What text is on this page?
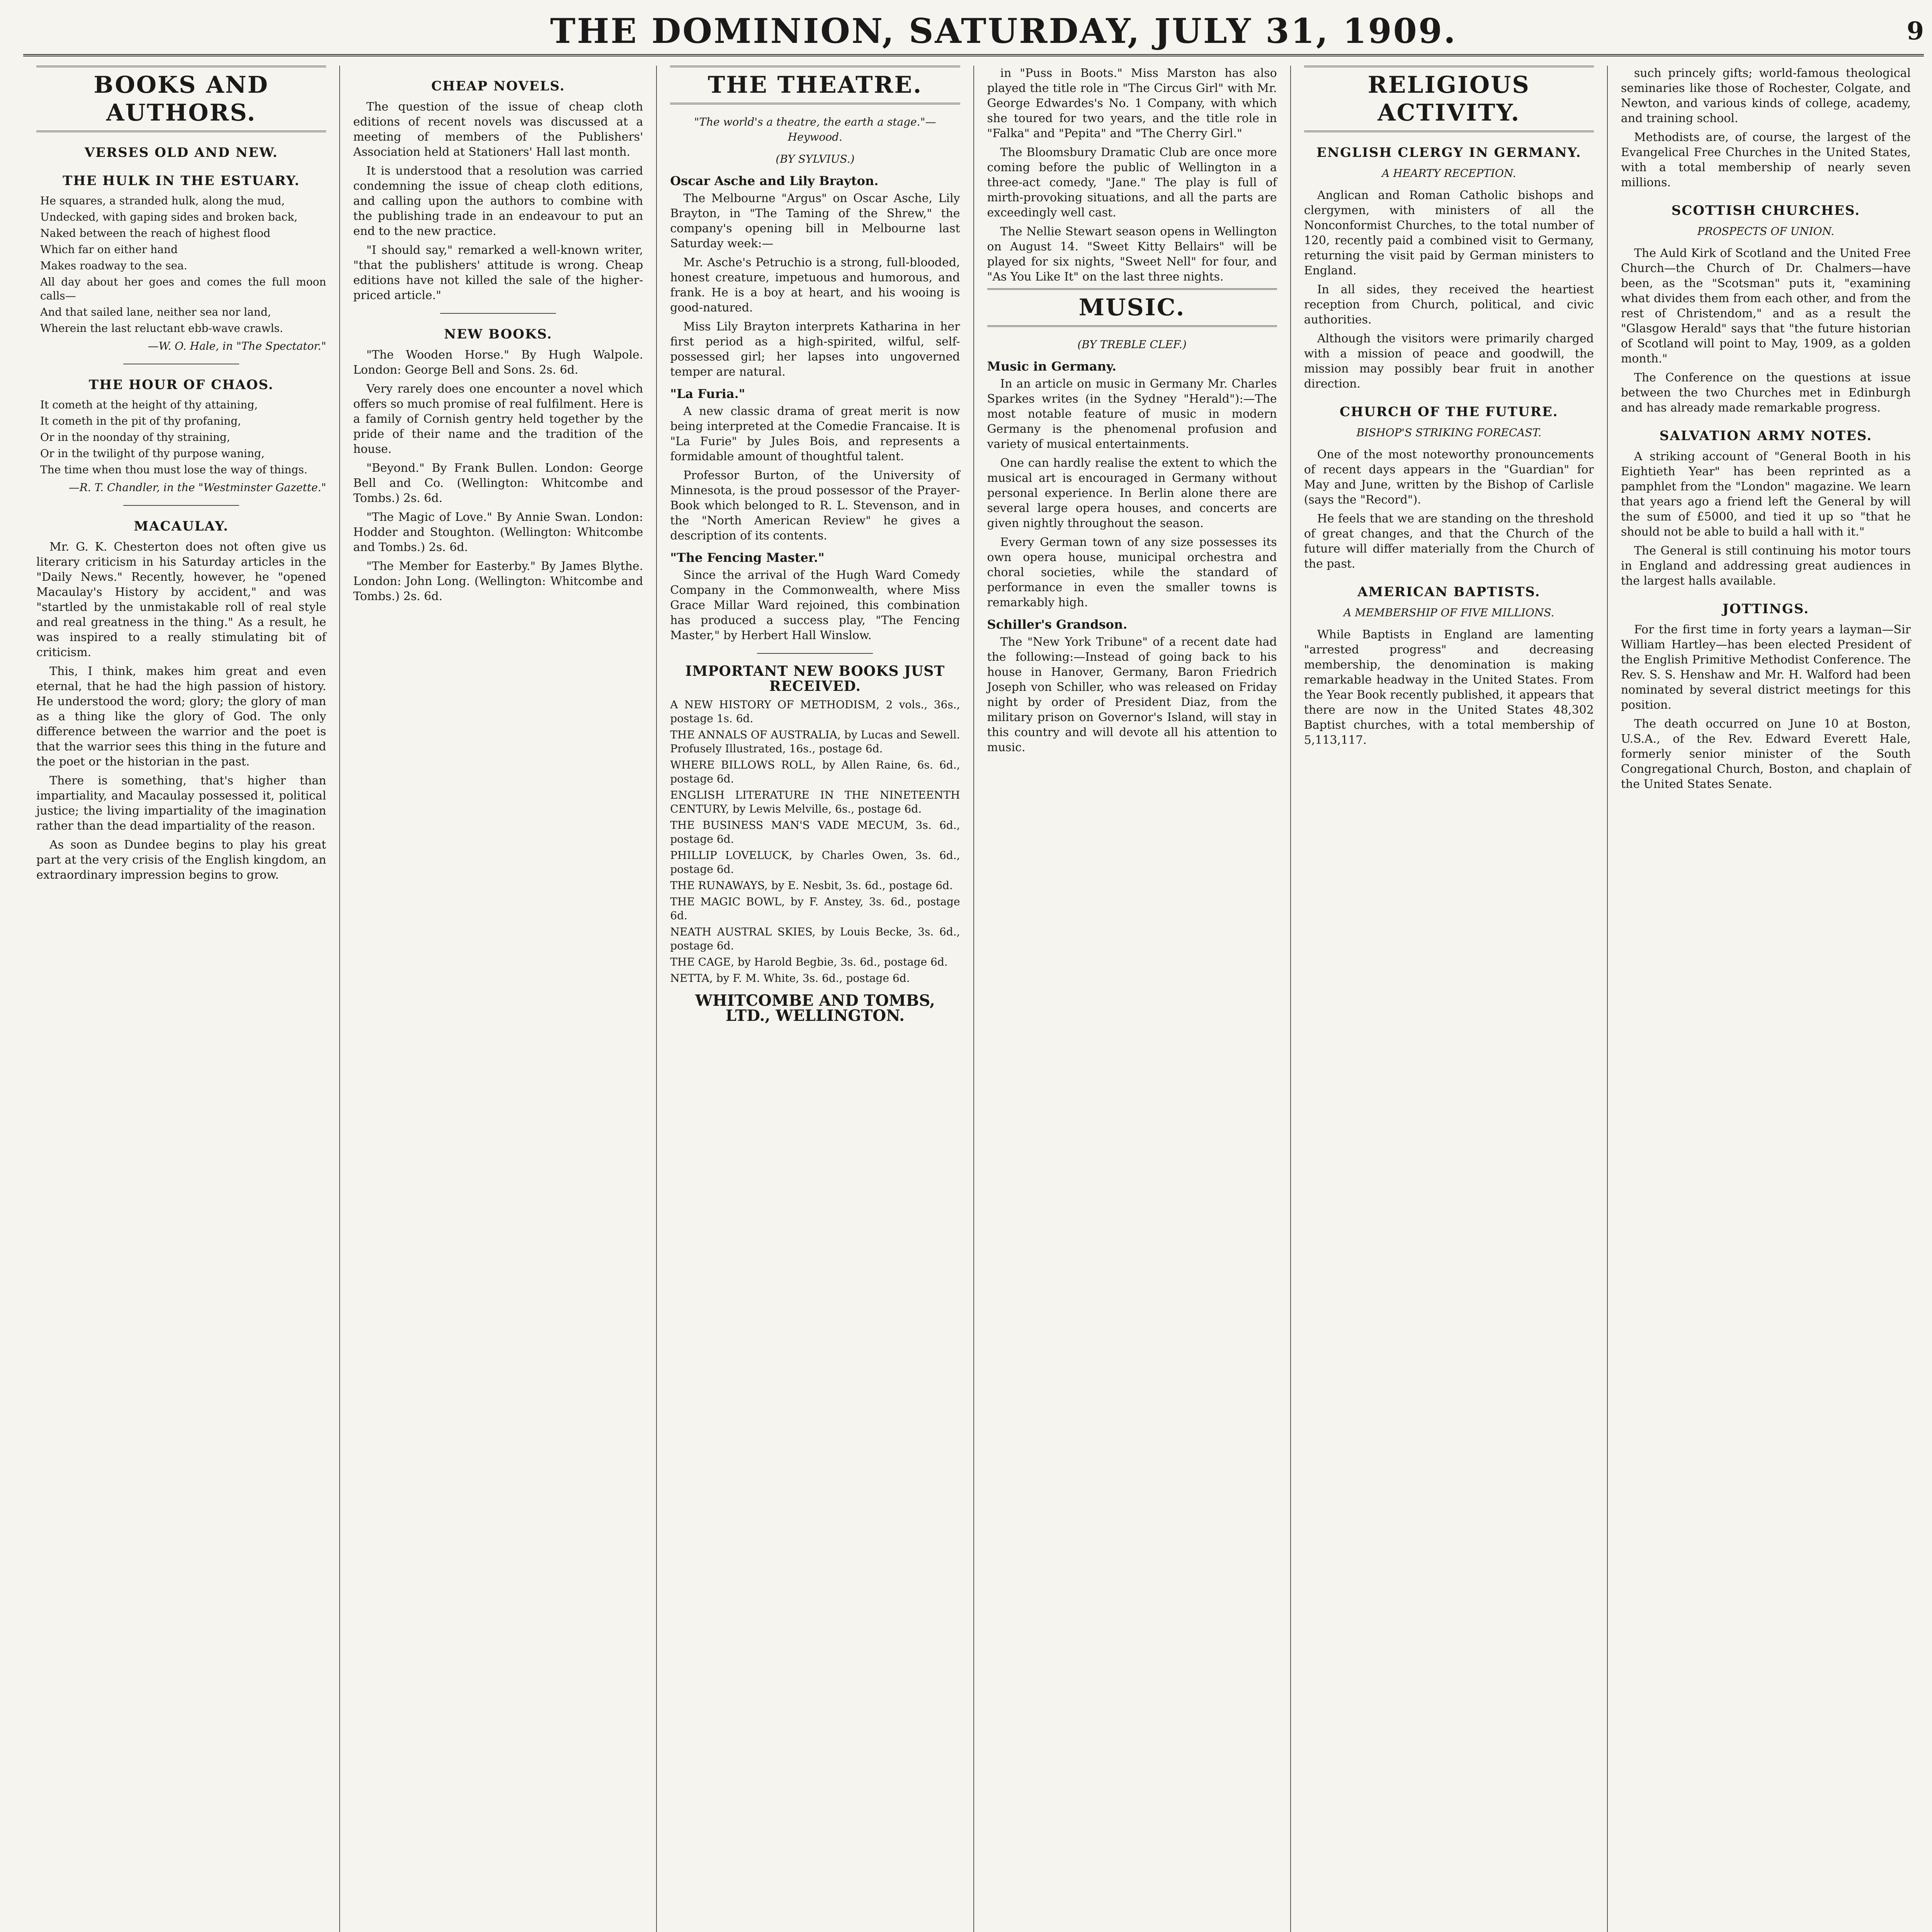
THE DOMINION, SATURDAY, JULY 31, 1909.	9
BOOKS AND AUTHORS.
VERSES OLD AND NEW.
THE HULK IN THE ESTUARY.
He squares, a stranded hulk, along the mud,
Undecked, with gaping sides and broken back,
Naked between the reach of highest flood
Which far on either hand
Makes roadway to the sea.
All day about her goes and comes the full moon calls—
And that sailed lane, neither sea nor land,
Wherein the last reluctant ebb-wave crawls.
—W. O. Hale, in "The Spectator."
THE HOUR OF CHAOS.
It cometh at the height of thy attaining,
It cometh in the pit of thy profaning,
Or in the noonday of thy straining,
Or in the twilight of thy purpose waning,
The time when thou must lose the way of things.
—R. T. Chandler, in the "Westminster Gazette."
MACAULAY.

Mr. G. K. Chesterton does not often give us literary criticism in his Saturday articles in the "Daily News." Recently, however, he "opened Macaulay's History by accident," and was "startled by the unmistakable roll of real style and real greatness in the thing." As a result, he was inspired to a really stimulating bit of criticism.

This, I think, makes him great and even eternal, that he had the high passion of history. He understood the word; glory; the glory of man as a thing like the glory of God. The only difference between the warrior and the poet is that the warrior sees this thing in the future and the poet or the historian in the past.

There is something, that's higher than impartiality, and Macaulay possessed it, political justice; the living impartiality of the imagination rather than the dead impartiality of the reason.

As soon as Dundee begins to play his great part at the very crisis of the English kingdom, an extraordinary impression begins to grow.

CHEAP NOVELS.

The question of the issue of cheap cloth editions of recent novels was discussed at a meeting of members of the Publishers' Association held at Stationers' Hall last month.

It is understood that a resolution was carried condemning the issue of cheap cloth editions, and calling upon the authors to combine with the publishing trade in an endeavour to put an end to the new practice.

"I should say," remarked a well-known writer, "that the publishers' attitude is wrong. Cheap editions have not killed the sale of the higher-priced article."

NEW BOOKS.

"The Wooden Horse." By Hugh Walpole. London: George Bell and Sons. 2s. 6d.

Very rarely does one encounter a novel which offers so much promise of real fulfilment. Here is a family of Cornish gentry held together by the pride of their name and the tradition of the house.

"Beyond." By Frank Bullen. London: George Bell and Co. (Wellington: Whitcombe and Tombs.) 2s. 6d.

"The Magic of Love." By Annie Swan. London: Hodder and Stoughton. (Wellington: Whitcombe and Tombs.) 2s. 6d.

"The Member for Easterby." By James Blythe. London: John Long. (Wellington: Whitcombe and Tombs.) 2s. 6d.

THE THEATRE.
"The world's a theatre, the earth a stage."—Heywood.
(BY SYLVIUS.)
Oscar Asche and Lily Brayton.

The Melbourne "Argus" on Oscar Asche, Lily Brayton, in "The Taming of the Shrew," the company's opening bill in Melbourne last Saturday week:—

Mr. Asche's Petruchio is a strong, full-blooded, honest creature, impetuous and humorous, and frank. He is a boy at heart, and his wooing is good-natured.

Miss Lily Brayton interprets Katharina in her first period as a high-spirited, wilful, self-possessed girl; her lapses into ungoverned temper are natural.

"La Furia."

A new classic drama of great merit is now being interpreted at the Comedie Francaise. It is "La Furie" by Jules Bois, and represents a formidable amount of thoughtful talent.

Professor Burton, of the University of Minnesota, is the proud possessor of the Prayer-Book which belonged to R. L. Stevenson, and in the "North American Review" he gives a description of its contents.

"The Fencing Master."

Since the arrival of the Hugh Ward Comedy Company in the Commonwealth, where Miss Grace Millar Ward rejoined, this combination has produced a success play, "The Fencing Master," by Herbert Hall Winslow.

IMPORTANT NEW BOOKS JUST RECEIVED.
A NEW HISTORY OF METHODISM, 2 vols., 36s., postage 1s. 6d.
THE ANNALS OF AUSTRALIA, by Lucas and Sewell. Profusely Illustrated, 16s., postage 6d.
WHERE BILLOWS ROLL, by Allen Raine, 6s. 6d., postage 6d.
ENGLISH LITERATURE IN THE NINETEENTH CENTURY, by Lewis Melville, 6s., postage 6d.
THE BUSINESS MAN'S VADE MECUM, 3s. 6d., postage 6d.
PHILLIP LOVELUCK, by Charles Owen, 3s. 6d., postage 6d.
THE RUNAWAYS, by E. Nesbit, 3s. 6d., postage 6d.
THE MAGIC BOWL, by F. Anstey, 3s. 6d., postage 6d.
NEATH AUSTRAL SKIES, by Louis Becke, 3s. 6d., postage 6d.
THE CAGE, by Harold Begbie, 3s. 6d., postage 6d.
NETTA, by F. M. White, 3s. 6d., postage 6d.
WHITCOMBE AND TOMBS, LTD., WELLINGTON.

in "Puss in Boots." Miss Marston has also played the title role in "The Circus Girl" with Mr. George Edwardes's No. 1 Company, with which she toured for two years, and the title role in "Falka" and "Pepita" and "The Cherry Girl."

The Bloomsbury Dramatic Club are once more coming before the public of Wellington in a three-act comedy, "Jane." The play is full of mirth-provoking situations, and all the parts are exceedingly well cast.

The Nellie Stewart season opens in Wellington on August 14. "Sweet Kitty Bellairs" will be played for six nights, "Sweet Nell" for four, and "As You Like It" on the last three nights.

MUSIC.
(BY TREBLE CLEF.)
Music in Germany.

In an article on music in Germany Mr. Charles Sparkes writes (in the Sydney "Herald"):—The most notable feature of music in modern Germany is the phenomenal profusion and variety of musical entertainments.

One can hardly realise the extent to which the musical art is encouraged in Germany without personal experience. In Berlin alone there are several large opera houses, and concerts are given nightly throughout the season.

Every German town of any size possesses its own opera house, municipal orchestra and choral societies, while the standard of performance in even the smaller towns is remarkably high.

Schiller's Grandson.

The "New York Tribune" of a recent date had the following:—Instead of going back to his house in Hanover, Germany, Baron Friedrich Joseph von Schiller, who was released on Friday night by order of President Diaz, from the military prison on Governor's Island, will stay in this country and will devote all his attention to music.

RELIGIOUS ACTIVITY.
ENGLISH CLERGY IN GERMANY.
A HEARTY RECEPTION.

Anglican and Roman Catholic bishops and clergymen, with ministers of all the Nonconformist Churches, to the total number of 120, recently paid a combined visit to Germany, returning the visit paid by German ministers to England.

In all sides, they received the heartiest reception from Church, political, and civic authorities.

Although the visitors were primarily charged with a mission of peace and goodwill, the mission may possibly bear fruit in another direction.

CHURCH OF THE FUTURE.
BISHOP'S STRIKING FORECAST.

One of the most noteworthy pronouncements of recent days appears in the "Guardian" for May and June, written by the Bishop of Carlisle (says the "Record").

He feels that we are standing on the threshold of great changes, and that the Church of the future will differ materially from the Church of the past.

AMERICAN BAPTISTS.
A MEMBERSHIP OF FIVE MILLIONS.

While Baptists in England are lamenting "arrested progress" and decreasing membership, the denomination is making remarkable headway in the United States. From the Year Book recently published, it appears that there are now in the United States 48,302 Baptist churches, with a total membership of 5,113,117.

such princely gifts; world-famous theological seminaries like those of Rochester, Colgate, and Newton, and various kinds of college, academy, and training school.

Methodists are, of course, the largest of the Evangelical Free Churches in the United States, with a total membership of nearly seven millions.

SCOTTISH CHURCHES.
PROSPECTS OF UNION.

The Auld Kirk of Scotland and the United Free Church—the Church of Dr. Chalmers—have been, as the "Scotsman" puts it, "examining what divides them from each other, and from the rest of Christendom," and as a result the "Glasgow Herald" says that "the future historian of Scotland will point to May, 1909, as a golden month."

The Conference on the questions at issue between the two Churches met in Edinburgh and has already made remarkable progress.

SALVATION ARMY NOTES.

A striking account of "General Booth in his Eightieth Year" has been reprinted as a pamphlet from the "London" magazine. We learn that years ago a friend left the General by will the sum of £5000, and tied it up so "that he should not be able to build a hall with it."

The General is still continuing his motor tours in England and addressing great audiences in the largest halls available.

JOTTINGS.

For the first time in forty years a layman—Sir William Hartley—has been elected President of the English Primitive Methodist Conference. The Rev. S. S. Henshaw and Mr. H. Walford had been nominated by several district meetings for this position.

The death occurred on June 10 at Boston, U.S.A., of the Rev. Edward Everett Hale, formerly senior minister of the South Congregational Church, Boston, and chaplain of the United States Senate.
